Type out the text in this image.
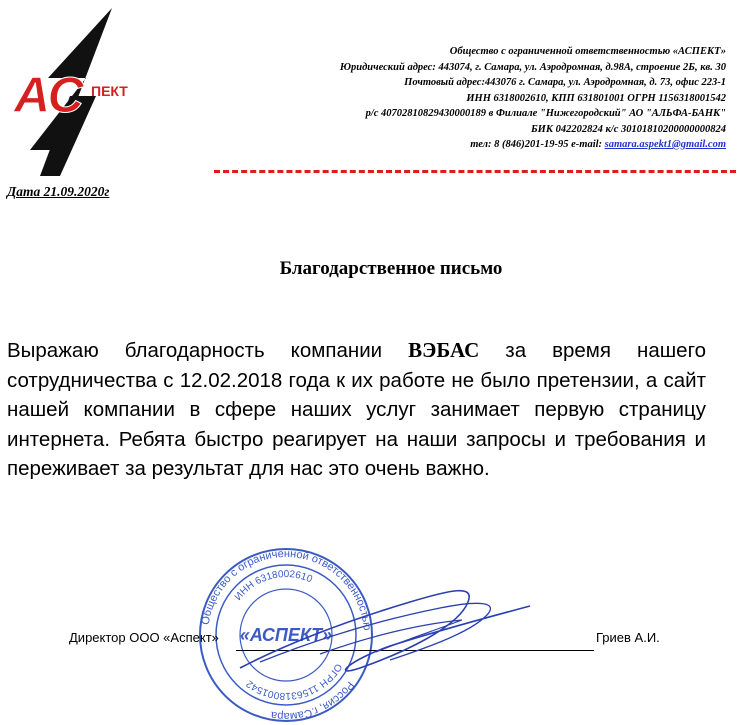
АС ПЕКТ
Общество с ограниченной ответственностью «АСПЕКТ»
Юридический адрес: 443074, г. Самара, ул. Аэродромная, д.98А, строение 2Б, кв. 30
Почтовый адрес:443076 г. Самара, ул. Аэродромная, д. 73, офис 223-1
ИНН 6318002610, КПП 631801001 ОГРН 1156318001542
р/с 40702810829430000189 в Филиале "Нижегородский" АО "АЛЬФА-БАНК"
БИК 042202824 к/с 30101810200000000824
тел: 8 (846)201-19-95 e-mail: samara.aspekt1@gmail.com
Дата 21.09.2020г
Благодарственное письмо
Выражаю благодарность компании ВЭБАС за время нашего сотрудничества с 12.02.2018 года к их работе не было претензии, а сайт нашей компании в сфере наших услуг занимает первую страницу интернета. Ребята быстро реагирует на наши запросы и требования и переживает за результат для нас это очень важно.
Общество с ограниченной ответственностью
ИНН 6318002610
ОГРН 1156318001542	Россия, г.Самара
«АСПЕКТ»
Директор ООО «Аспект»	Гриев А.И.
